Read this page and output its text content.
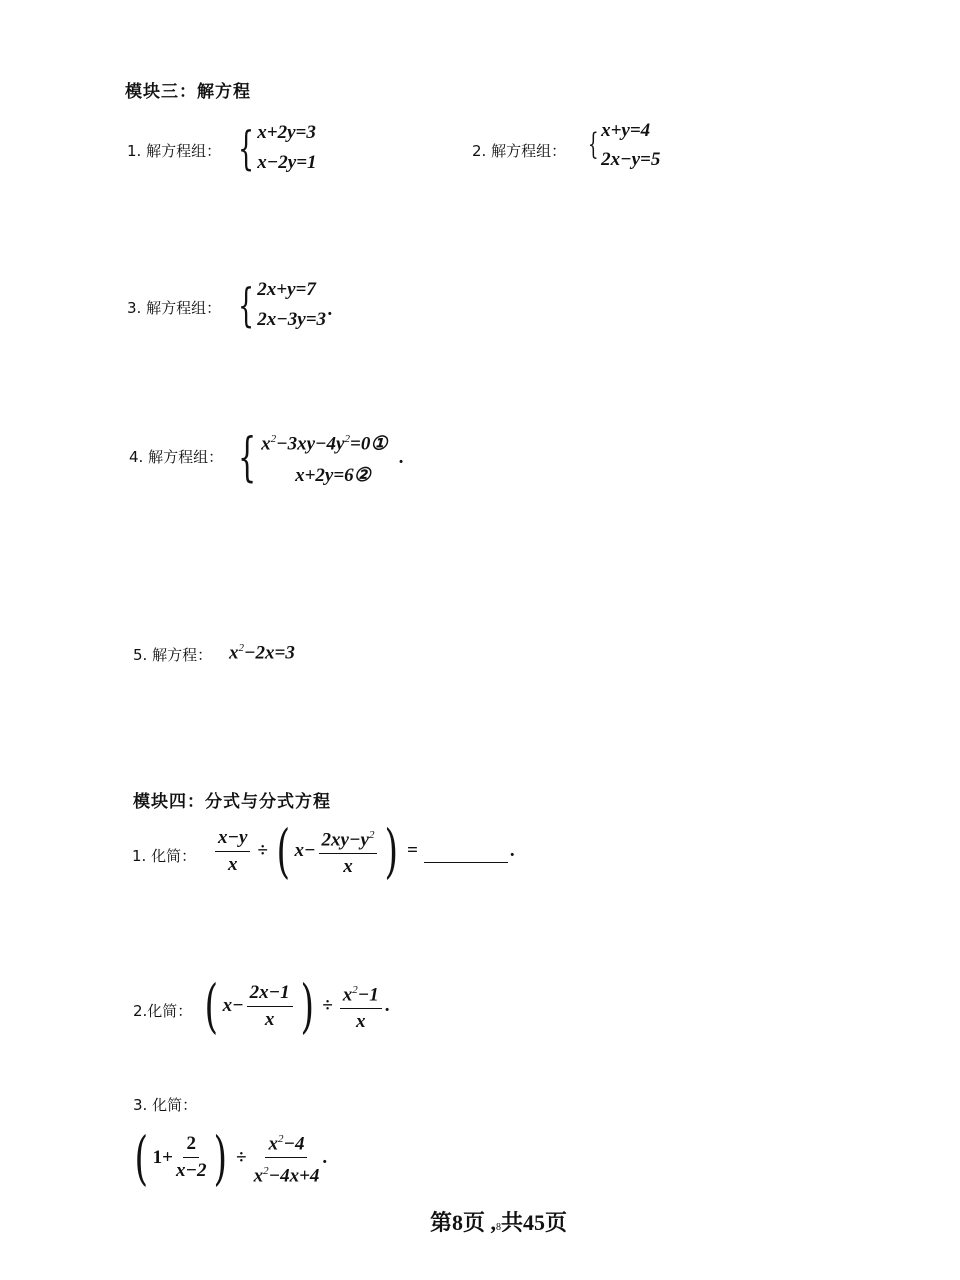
模块三：解方程
1. 解方程组： { x+2y=3
x−2y=1
2. 解方程组： { x+y=4
2x−y=5
3. 解方程组： { 2x+y=7
2x−3y=3 .
4. 解方程组： { $x^2-3xy-4y^2=0①$
x+2y=6②
.
5. 解方程： $x^2-2x=3$
模块四：分式与分式方程
1. 化简： $\frac{x-y}{x}$ ÷ ( $x- \frac{2xy-y^2}{x}$ ) =	.
2.化简： ( $x- \frac{2x-1}{x}$ ) ÷ $\frac{x^2-1}{x}$ .
3. 化简：
( $1+ \frac{2}{x-2}$ ) ÷ $\frac{x^2-4}{x^2-4x+4}$ .
第8页 ,8共45页
